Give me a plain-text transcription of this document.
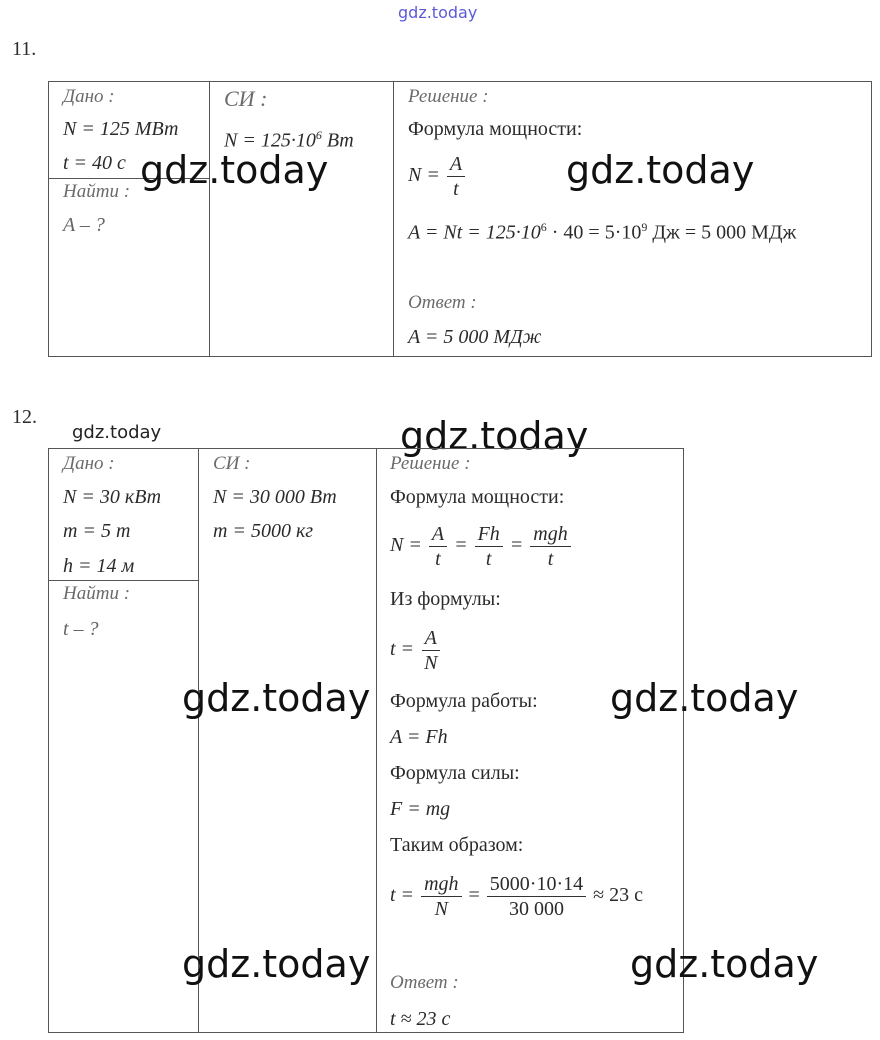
gdz.today
11.
Дано :
N = 125 МВт
t = 40 с
Найти :
A – ?
СИ :
$N = 125\cdot 10^6$ Вт
Решение :
Формула мощности:
$N = \frac{A}{t}$
$A = Nt = 125\cdot 10^6 \cdot 40 = 5\cdot 10^9$ Дж = 5 000 МДж
Ответ :
A = 5 000 МДж
gdz.today	gdz.today
12.
gdz.today	gdz.today
Дано :
N = 30 кВт
m = 5 т
h = 14 м
Найти :
t – ?
СИ :
N = 30 000 Вт
m = 5000 кг
Решение :
Формула мощности:
$N = \frac{A}{t} = \frac{Fh}{t} = \frac{\text{mgh}}{t}$
Из формулы:
$t = \frac{A}{N}$
Формула работы:
A = Fh
Формула силы:
F = mg
Таким образом:
$t = \frac{\text{mgh}}{N} = \frac{5000\cdot 10\cdot 14}{30 000} \approx 23$ с
Ответ :
t ≈ 23 с
gdz.today	gdz.today
gdz.today	gdz.today
